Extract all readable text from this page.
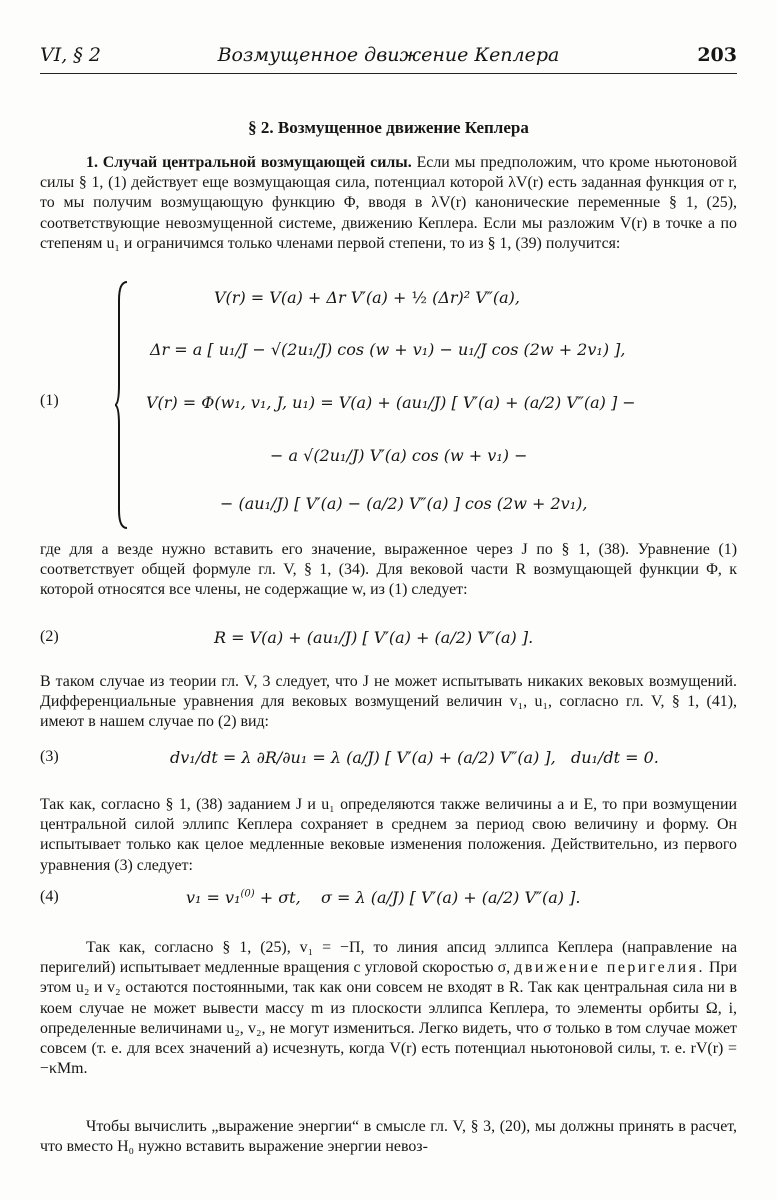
VI, § 2	Возмущенное движение Кеплера	203
§ 2. Возмущенное движение Кеплера

1. Случай центральной возмущающей силы. Если мы предположим, что кроме ньютоновой силы § 1, (1) действует еще возмущающая сила, потенциал которой λV(r) есть заданная функция от r, то мы получим возмущающую функцию Φ, вводя в λV(r) канонические переменные § 1, (25), соответствующие невозмущенной системе, движению Кеплера. Если мы разложим V(r) в точке a по степеням u₁ и ограничимся только членами первой степени, то из § 1, (39) получится:

(1)
V(r) = V(a) + Δr V′(a) + ½ (Δr)² V″(a),
Δr = a [ u₁/J − √(2u₁/J) cos (w + v₁) − u₁/J cos (2w + 2v₁) ],
V(r) = Φ(w₁, v₁, J, u₁) = V(a) + (au₁/J) [ V′(a) + (a/2) V″(a) ] −
− a √(2u₁/J) V′(a) cos (w + v₁) −
− (au₁/J) [ V′(a) − (a/2) V″(a) ] cos (2w + 2v₁),

где для a везде нужно вставить его значение, выраженное через J по § 1, (38). Уравнение (1) соответствует общей формуле гл. V, § 1, (34). Для вековой части R возмущающей функции Φ, к которой относятся все члены, не содержащие w, из (1) следует:

(2)	R = V(a) + (au₁/J) [ V′(a) + (a/2) V″(a) ].

В таком случае из теории гл. V, 3 следует, что J не может испытывать никаких вековых возмущений. Дифференциальные уравнения для вековых возмущений величин v₁, u₁, согласно гл. V, § 1, (41), имеют в нашем случае по (2) вид:

(3)	dv₁/dt = λ ∂R/∂u₁ = λ (a/J) [ V′(a) + (a/2) V″(a) ],   du₁/dt = 0.

Так как, согласно § 1, (38) заданием J и u₁ определяются также величины a и E, то при возмущении центральной силой эллипс Кеплера сохраняет в среднем за период свою величину и форму. Он испытывает только как целое медленные вековые изменения положения. Действительно, из первого уравнения (3) следует:

(4)	v₁ = v₁$^{(0)}$ + σt,    σ = λ (a/J) [ V′(a) + (a/2) V″(a) ].

Так как, согласно § 1, (25), v₁ = −Π, то линия апсид эллипса Кеплера (направление на перигелий) испытывает медленные вращения с угловой скоростью σ, движение перигелия. При этом u₂ и v₂ остаются постоянными, так как они совсем не входят в R. Так как центральная сила ни в коем случае не может вывести массу m из плоскости эллипса Кеплера, то элементы орбиты Ω, i, определенные величинами u₂, v₂, не могут измениться. Легко видеть, что σ только в том случае может совсем (т. е. для всех значений a) исчезнуть, когда V(r) есть потенциал ньютоновой силы, т. е. rV(r) = −κMm.

Чтобы вычислить „выражение энергии“ в смысле гл. V, § 3, (20), мы должны принять в расчет, что вместо H₀ нужно вставить выражение энергии невоз-
